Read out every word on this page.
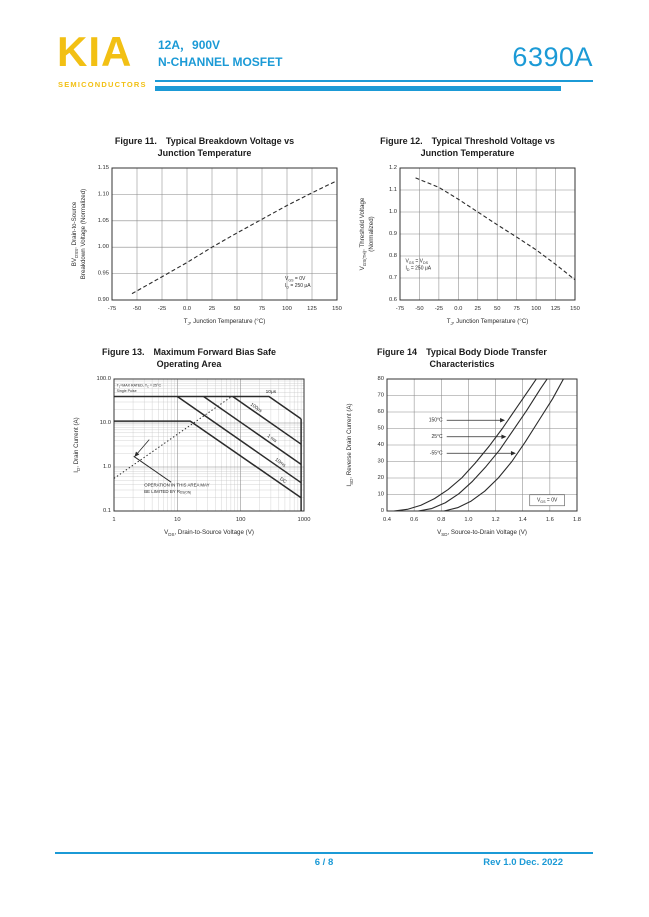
KIA
SEMICONDUCTORS
12A，900V
N-CHANNEL MOSFET	6390A
Figure 11. Typical Breakdown Voltage vs
Junction Temperature
VGS = 0V
ID = 250 μA
-75	-50	-25	0.0	25	50	75	100	125	150
0.90
0.95
1.00
1.05
1.10
1.15
TJ, Junction Temperature (°C)
BVDSS, Drain-to-Source Breakdown Voltage (Normalized)
Figure 12. Typical Threshold Voltage vs
Junction Temperature
VGS = VDS
ID = 250 μA
-75 -50 -25 0.0 25 50 75 100 125 150
0.6
0.7
0.8
0.9
1.0
1.1
1.2
TJ, Junction Temperature (°C)
VGS(TH), Threshold Voltage (Normalized)
Figure 13. Maximum Forward Bias Safe
Operating Area
10μs
100μs
1 ms
10ms
DC
TJ=MAX RATED, TC = 25°C
Single Pulse
OPERATION IN THIS AREA MAY
BE LIMITED BY RDS(ON)
1	10	100	1000
0.1
1.0
10.0
100.0
VDS, Drain-to-Source Voltage (V)
ID, Drain Current (A)
Figure 14 Typical Body Diode Transfer
Characteristics
150°C
25°C
-55°C
VGS = 0V
0.4	0.6	0.8	1.0	1.2	1.4	1.6	1.8
0
10
20
30
40
50
60
70
80
VSD, Source-to-Drain Voltage (V)
ISD, Reverse Drain Current (A)
6 / 8	Rev 1.0 Dec. 2022
